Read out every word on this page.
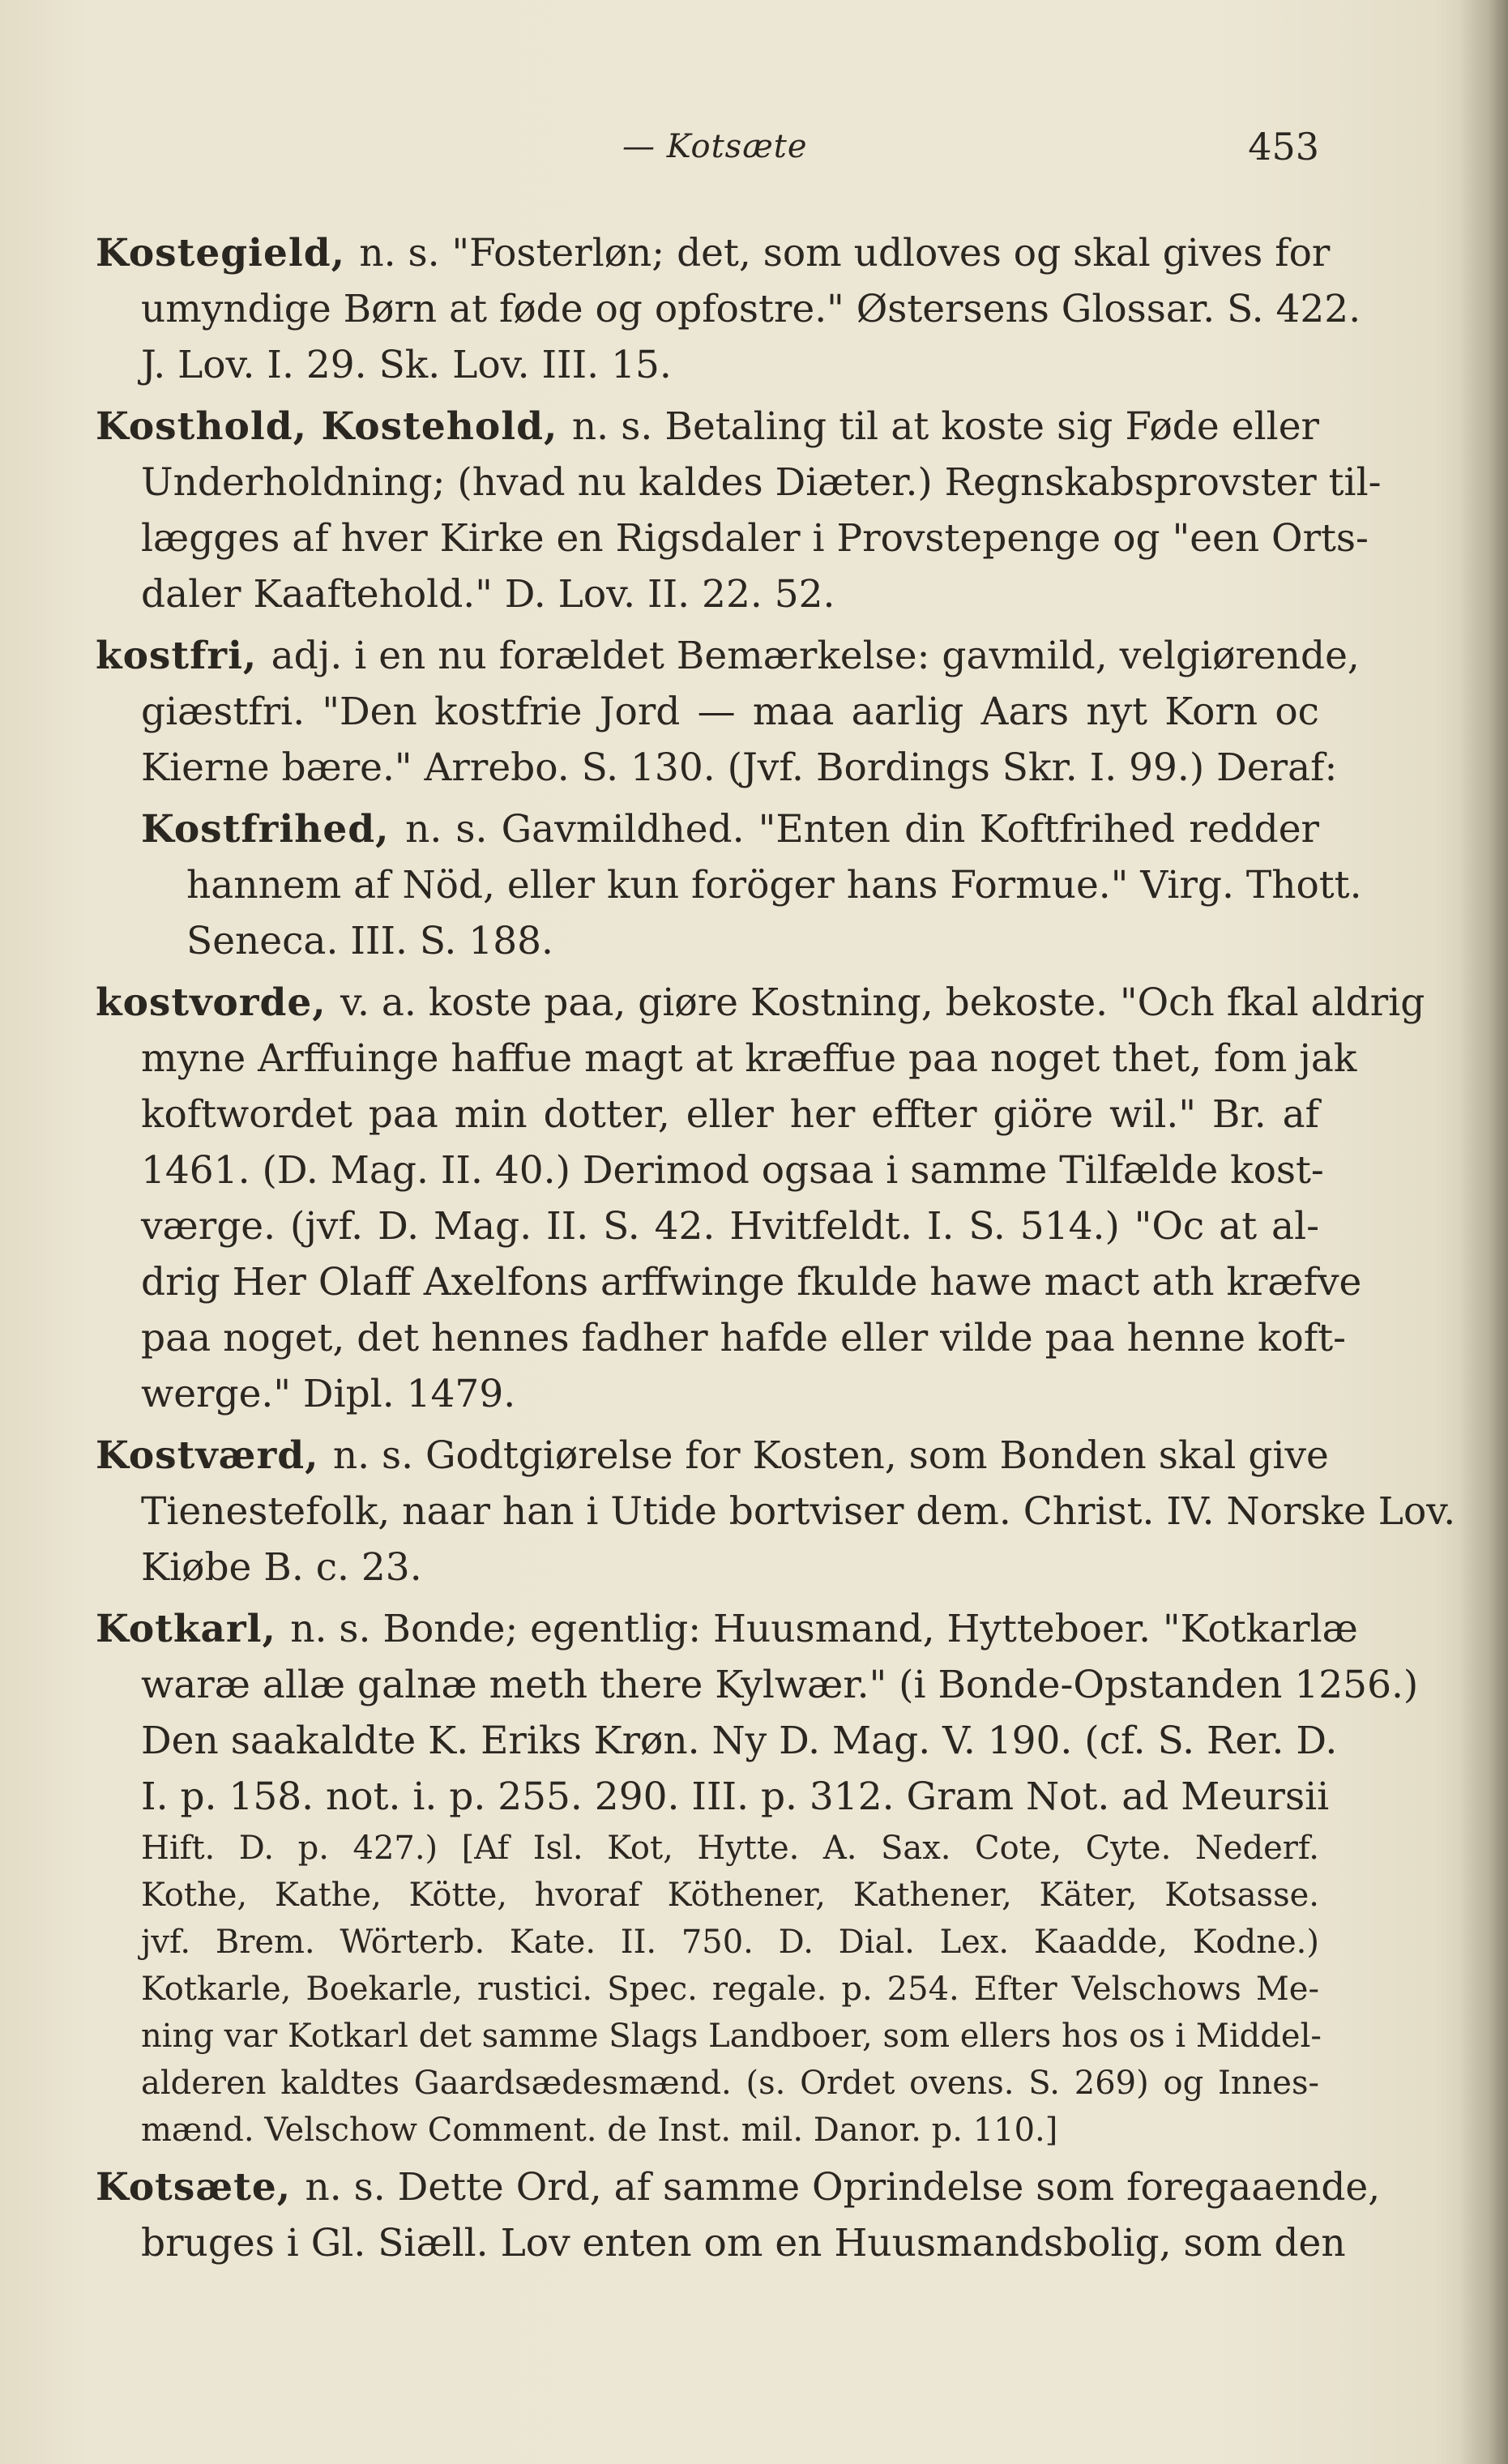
— Kotsæte	453
Kostegield, n. s. "Fosterløn; det, som udloves og skal gives for
umyndige Børn at føde og opfostre." Østersens Glossar. S. 422.
J. Lov. I. 29. Sk. Lov. III. 15.
Kosthold, Kostehold, n. s. Betaling til at koste sig Føde eller
Underholdning; (hvad nu kaldes Diæter.) Regnskabsprovster til-
lægges af hver Kirke en Rigsdaler i Provstepenge og "een Orts-
daler Kaaftehold." D. Lov. II. 22. 52.
kostfri, adj. i en nu forældet Bemærkelse: gavmild, velgiørende,
giæstfri. "Den kostfrie Jord — maa aarlig Aars nyt Korn oc
Kierne bære." Arrebo. S. 130. (Jvf. Bordings Skr. I. 99.) Deraf:
Kostfrihed, n. s. Gavmildhed. "Enten din Koftfrihed redder
hannem af Nöd, eller kun foröger hans Formue." Virg. Thott.
Seneca. III. S. 188.
kostvorde, v. a. koste paa, giøre Kostning, bekoste. "Och fkal aldrig
myne Arffuinge haffue magt at kræffue paa noget thet, fom jak
koftwordet paa min dotter, eller her effter giöre wil." Br. af
1461. (D. Mag. II. 40.) Derimod ogsaa i samme Tilfælde kost-
værge. (jvf. D. Mag. II. S. 42. Hvitfeldt. I. S. 514.) "Oc at al-
drig Her Olaff Axelfons arffwinge fkulde hawe mact ath kræfve
paa noget, det hennes fadher hafde eller vilde paa henne koft-
werge." Dipl. 1479.
Kostværd, n. s. Godtgiørelse for Kosten, som Bonden skal give
Tienestefolk, naar han i Utide bortviser dem. Christ. IV. Norske Lov.
Kiøbe B. c. 23.
Kotkarl, n. s. Bonde; egentlig: Huusmand, Hytteboer. "Kotkarlæ
waræ allæ galnæ meth there Kylwær." (i Bonde-Opstanden 1256.)
Den saakaldte K. Eriks Krøn. Ny D. Mag. V. 190. (cf. S. Rer. D.
I. p. 158. not. i. p. 255. 290. III. p. 312. Gram Not. ad Meursii
Hift. D. p. 427.) [Af Isl. Kot, Hytte. A. Sax. Cote, Cyte. Nederf.
Kothe, Kathe, Kötte, hvoraf Köthener, Kathener, Käter, Kotsasse.
jvf. Brem. Wörterb. Kate. II. 750. D. Dial. Lex. Kaadde, Kodne.)
Kotkarle, Boekarle, rustici. Spec. regale. p. 254. Efter Velschows Me-
ning var Kotkarl det samme Slags Landboer, som ellers hos os i Middel-
alderen kaldtes Gaardsædesmænd. (s. Ordet ovens. S. 269) og Innes-
mænd. Velschow Comment. de Inst. mil. Danor. p. 110.]
Kotsæte, n. s. Dette Ord, af samme Oprindelse som foregaaende,
bruges i Gl. Siæll. Lov enten om en Huusmandsbolig, som den
